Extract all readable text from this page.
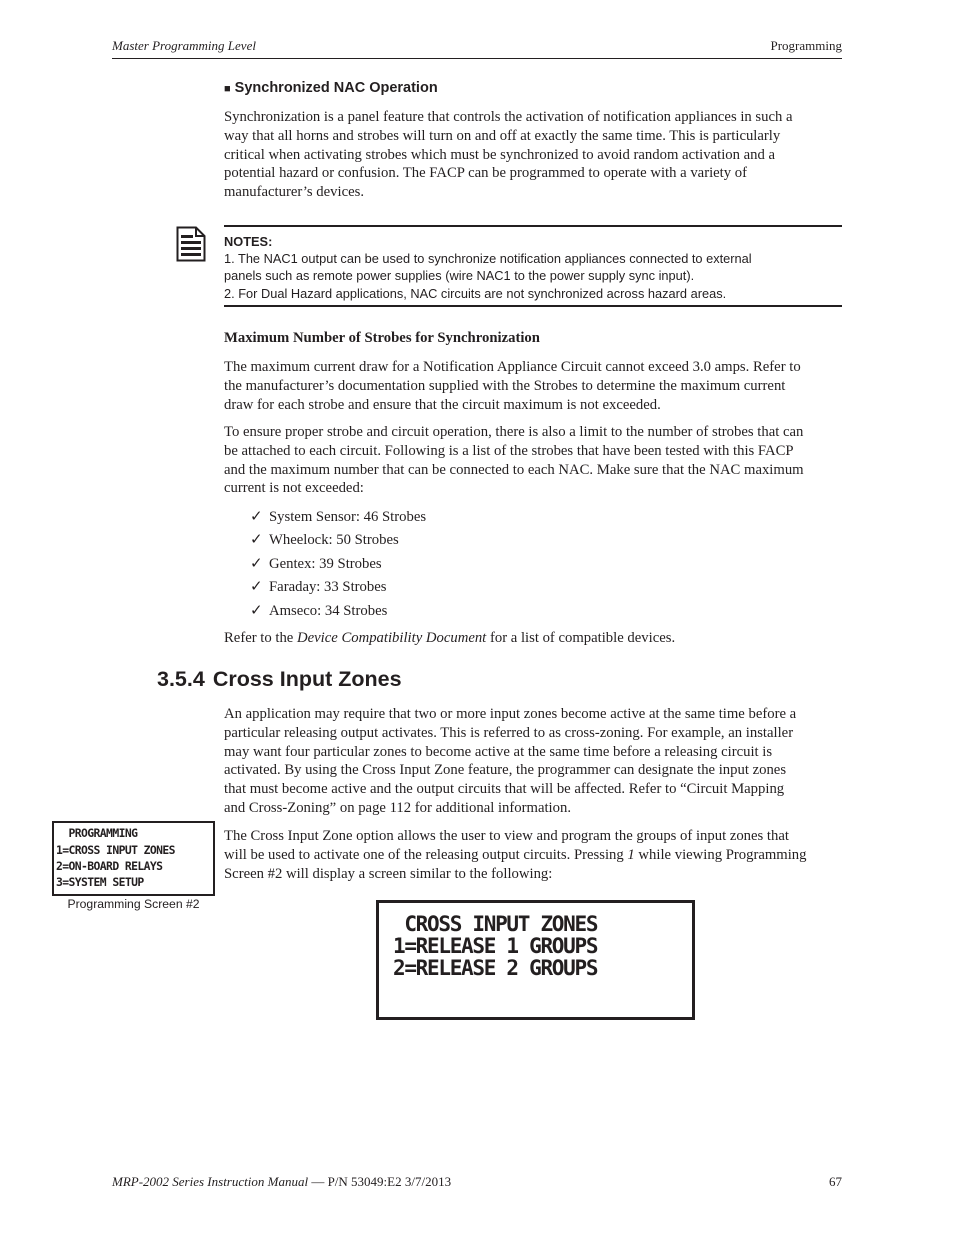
Master Programming Level	Programming
■ Synchronized NAC Operation
Synchronization is a panel feature that controls the activation of notification appliances in such a
way that all horns and strobes will turn on and off at exactly the same time. This is particularly
critical when activating strobes which must be synchronized to avoid random activation and a
potential hazard or confusion. The FACP can be programmed to operate with a variety of
manufacturer’s devices.
NOTES:
1. The NAC1 output can be used to synchronize notification appliances connected to external
panels such as remote power supplies (wire NAC1 to the power supply sync input).
2. For Dual Hazard applications, NAC circuits are not synchronized across hazard areas.
Maximum Number of Strobes for Synchronization
The maximum current draw for a Notification Appliance Circuit cannot exceed 3.0 amps. Refer to
the manufacturer’s documentation supplied with the Strobes to determine the maximum current
draw for each strobe and ensure that the circuit maximum is not exceeded.
To ensure proper strobe and circuit operation, there is also a limit to the number of strobes that can
be attached to each circuit. Following is a list of the strobes that have been tested with this FACP
and the maximum number that can be connected to each NAC. Make sure that the NAC maximum
current is not exceeded:
✓ System Sensor: 46 Strobes
✓ Wheelock: 50 Strobes
✓ Gentex: 39 Strobes
✓ Faraday: 33 Strobes
✓ Amseco: 34 Strobes
Refer to the Device Compatibility Document for a list of compatible devices.
3.5.4 Cross Input Zones
An application may require that two or more input zones become active at the same time before a
particular releasing output activates. This is referred to as cross-zoning. For example, an installer
may want four particular zones to become active at the same time before a releasing circuit is
activated. By using the Cross Input Zone feature, the programmer can designate the input zones
that must become active and the output circuits that will be affected. Refer to “Circuit Mapping
and Cross-Zoning” on page 112 for additional information.
The Cross Input Zone option allows the user to view and program the groups of input zones that
will be used to activate one of the releasing output circuits. Pressing 1 while viewing Programming
Screen #2 will display a screen similar to the following:
PROGRAMMING
1=CROSS INPUT ZONES
2=ON-BOARD RELAYS
3=SYSTEM SETUP
Programming Screen #2
CROSS INPUT ZONES
1=RELEASE 1 GROUPS
2=RELEASE 2 GROUPS
MRP-2002 Series Instruction Manual — P/N 53049:E2 3/7/2013	67
